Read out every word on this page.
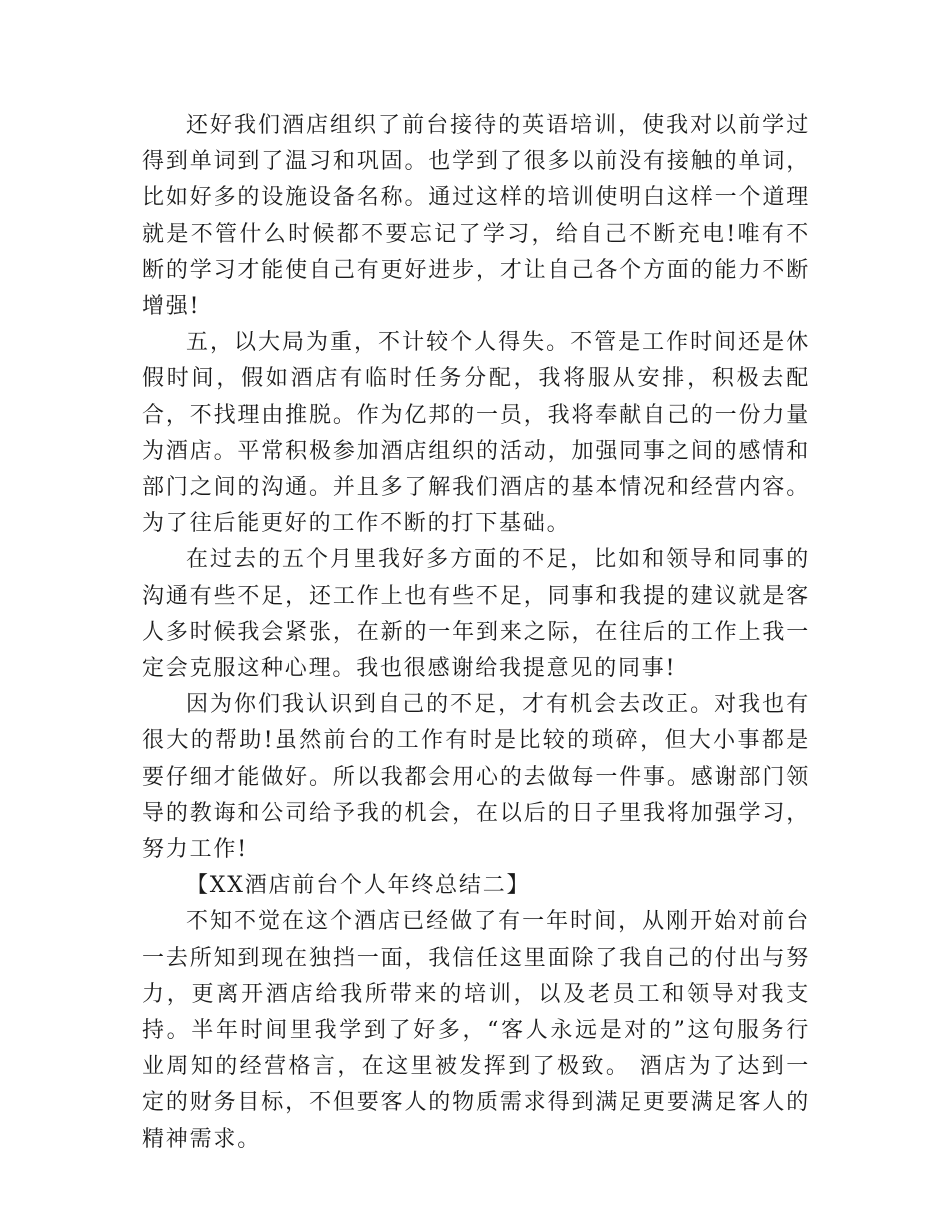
还好我们酒店组织了前台接待的英语培训，使我对以前学过得到单词到了温习和巩固。也学到了很多以前没有接触的单词，比如好多的设施设备名称。通过这样的培训使明白这样一个道理就是不管什么时候都不要忘记了学习，给自己不断充电!唯有不断的学习才能使自己有更好进步，才让自己各个方面的能力不断增强!

五，以大局为重，不计较个人得失。不管是工作时间还是休假时间，假如酒店有临时任务分配，我将服从安排，积极去配合，不找理由推脱。作为亿邦的一员，我将奉献自己的一份力量为酒店。平常积极参加酒店组织的活动，加强同事之间的感情和部门之间的沟通。并且多了解我们酒店的基本情况和经营内容。为了往后能更好的工作不断的打下基础。

在过去的五个月里我好多方面的不足，比如和领导和同事的沟通有些不足，还工作上也有些不足，同事和我提的建议就是客人多时候我会紧张，在新的一年到来之际，在往后的工作上我一定会克服这种心理。我也很感谢给我提意见的同事!

因为你们我认识到自己的不足，才有机会去改正。对我也有很大的帮助!虽然前台的工作有时是比较的琐碎，但大小事都是要仔细才能做好。所以我都会用心的去做每一件事。感谢部门领导的教诲和公司给予我的机会，在以后的日子里我将加强学习，努力工作!

【XX酒店前台个人年终总结二】

不知不觉在这个酒店已经做了有一年时间，从刚开始对前台一去所知到现在独挡一面，我信任这里面除了我自己的付出与努力，更离开酒店给我所带来的培训，以及老员工和领导对我支持。半年时间里我学到了好多，“客人永远是对的”这句服务行业周知的经营格言，在这里被发挥到了极致。 酒店为了达到一定的财务目标，不但要客人的物质需求得到满足更要满足客人的精神需求。
